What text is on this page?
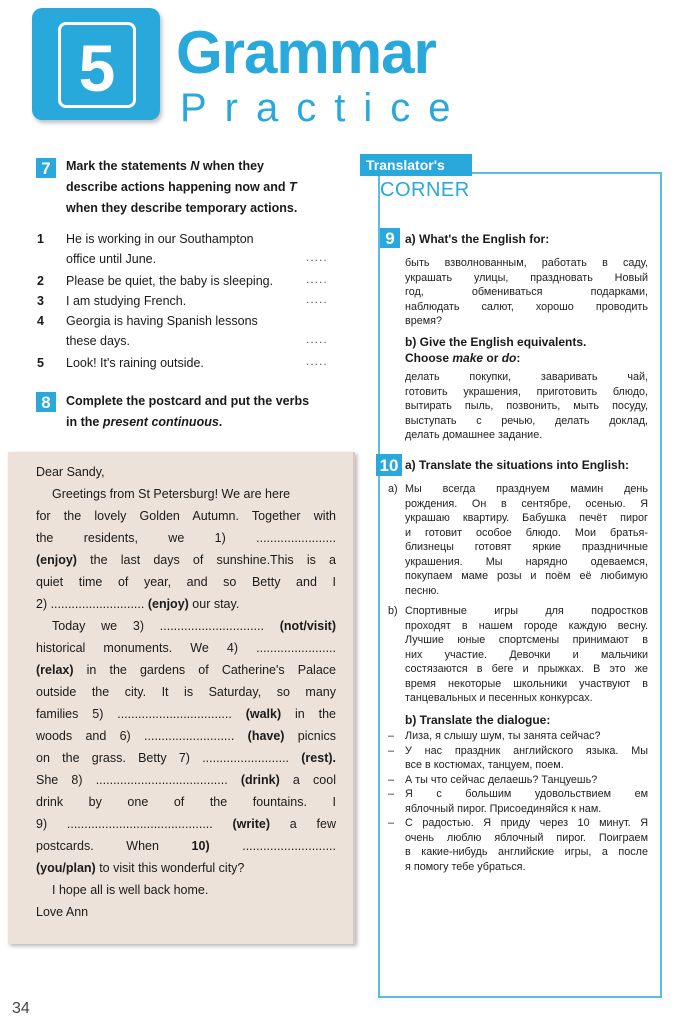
5	Grammar
Practice
7	Mark the statements N when they
describe actions happening now and T
when they describe temporary actions.
1 He is working in our Southampton
office until June.	.....
2 Please be quiet, the baby is sleeping.	.....
3 I am studying French.	.....
4 Georgia is having Spanish lessons
these days.	.....
5 Look! It's raining outside.	.....
8	Complete the postcard and put the verbs
in the present continuous.
Dear Sandy,
Greetings from St Petersburg! We are here
for the lovely Golden Autumn. Together with
the residents, we 1) .......................
(enjoy) the last days of sunshine.This is a
quiet time of year, and so Betty and I
2) ........................... (enjoy) our stay.
Today we 3) .............................. (not/visit)
historical monuments. We 4) .......................
(relax) in the gardens of Catherine's Palace
outside the city. It is Saturday, so many
families 5) ................................. (walk) in the
woods and 6) .......................... (have) picnics
on the grass. Betty 7) ......................... (rest).
She 8) ...................................... (drink) a cool
drink by one of the fountains. I
9) .......................................... (write) a few
postcards. When 10) ...........................
(you/plan) to visit this wonderful city?
I hope all is well back home.
Love Ann
Translator's
CORNER
9 a) What's the English for:
быть взволнованным, работать в саду,
украшать улицы, праздновать Новый
год, обмениваться подарками,
наблюдать салют, хорошо проводить
время?
b) Give the English equivalents.
Choose make or do:
делать покупки, заваривать чай,
готовить украшения, приготовить блюдо,
вытирать пыль, позвонить, мыть посуду,
выступать с речью, делать доклад,
делать домашнее задание.
10 a) Translate the situations into English:
a) Мы всегда празднуем мамин день
рождения. Он в сентябре, осенью. Я
украшаю квартиру. Бабушка печёт пирог
и готовит особое блюдо. Мои братья-
близнецы готовят яркие праздничные
украшения. Мы нарядно одеваемся,
покупаем маме розы и поём её любимую
песню.
b) Спортивные игры для подростков
проходят в нашем городе каждую весну.
Лучшие юные спортсмены принимают в
них участие. Девочки и мальчики
состязаются в беге и прыжках. В это же
время некоторые школьники участвуют в
танцевальных и песенных конкурсах.
b) Translate the dialogue:
– Лиза, я слышу шум, ты занята сейчас?
– У нас праздник английского языка. Мы
все в костюмах, танцуем, поем.
– А ты что сейчас делаешь? Танцуешь?
– Я с большим удовольствием ем
яблочный пирог. Присоединяйся к нам.
– С радостью. Я приду через 10 минут. Я
очень люблю яблочный пирог. Поиграем
в какие-нибудь английские игры, а после
я помогу тебе убраться.
34
